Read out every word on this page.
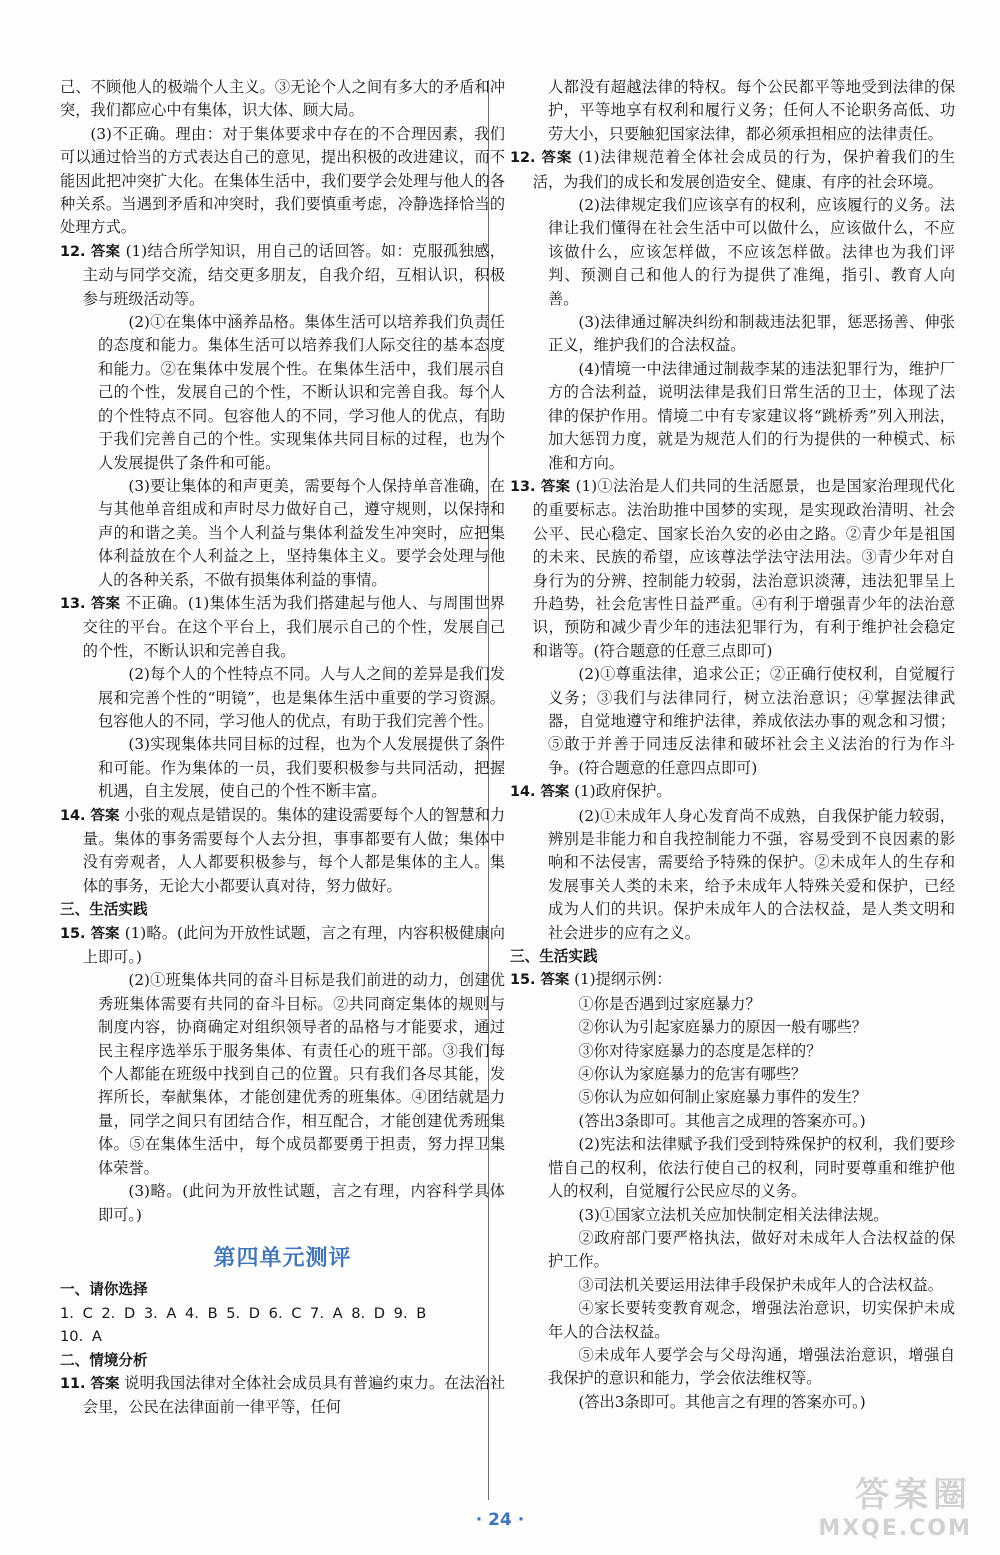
己、不顾他人的极端个人主义。③无论个人之间有多大的矛盾和冲突，我们都应心中有集体，识大体、顾大局。

(3)不正确。理由：对于集体要求中存在的不合理因素，我们可以通过恰当的方式表达自己的意见，提出积极的改进建议，而不能因此把冲突扩大化。在集体生活中，我们要学会处理与他人的各种关系。当遇到矛盾和冲突时，我们要慎重考虑，冷静选择恰当的处理方式。

12. 答案 (1)结合所学知识，用自己的话回答。如：克服孤独感，主动与同学交流，结交更多朋友，自我介绍，互相认识，积极参与班级活动等。

(2)①在集体中涵养品格。集体生活可以培养我们负责任的态度和能力。集体生活可以培养我们人际交往的基本态度和能力。②在集体中发展个性。在集体生活中，我们展示自己的个性，发展自己的个性，不断认识和完善自我。每个人的个性特点不同。包容他人的不同，学习他人的优点，有助于我们完善自己的个性。实现集体共同目标的过程，也为个人发展提供了条件和可能。

(3)要让集体的和声更美，需要每个人保持单音准确，在与其他单音组成和声时尽力做好自己，遵守规则，以保持和声的和谐之美。当个人利益与集体利益发生冲突时，应把集体利益放在个人利益之上，坚持集体主义。要学会处理与他人的各种关系，不做有损集体利益的事情。

13. 答案 不正确。(1)集体生活为我们搭建起与他人、与周围世界交往的平台。在这个平台上，我们展示自己的个性，发展自己的个性，不断认识和完善自我。

(2)每个人的个性特点不同。人与人之间的差异是我们发展和完善个性的“明镜”，也是集体生活中重要的学习资源。包容他人的不同，学习他人的优点，有助于我们完善个性。

(3)实现集体共同目标的过程，也为个人发展提供了条件和可能。作为集体的一员，我们要积极参与共同活动，把握机遇，自主发展，使自己的个性不断丰富。

14. 答案 小张的观点是错误的。集体的建设需要每个人的智慧和力量。集体的事务需要每个人去分担，事事都要有人做；集体中没有旁观者，人人都要积极参与，每个人都是集体的主人。集体的事务，无论大小都要认真对待，努力做好。

三、生活实践

15. 答案 (1)略。(此问为开放性试题，言之有理，内容积极健康向上即可。)

(2)①班集体共同的奋斗目标是我们前进的动力，创建优秀班集体需要有共同的奋斗目标。②共同商定集体的规则与制度内容，协商确定对组织领导者的品格与才能要求，通过民主程序选举乐于服务集体、有责任心的班干部。③我们每个人都能在班级中找到自己的位置。只有我们各尽其能，发挥所长，奉献集体，才能创建优秀的班集体。④团结就是力量，同学之间只有团结合作，相互配合，才能创建优秀班集体。⑤在集体生活中，每个成员都要勇于担责，努力捍卫集体荣誉。

(3)略。(此问为开放性试题，言之有理，内容科学具体即可。)

第四单元测评

一、请你选择

1. C 2. D 3. A 4. B 5. D 6. C 7. A 8. D 9. B

10. A

二、情境分析

11. 答案 说明我国法律对全体社会成员具有普遍约束力。在法治社会里，公民在法律面前一律平等，任何

人都没有超越法律的特权。每个公民都平等地受到法律的保护，平等地享有权利和履行义务；任何人不论职务高低、功劳大小，只要触犯国家法律，都必须承担相应的法律责任。

12. 答案 (1)法律规范着全体社会成员的行为，保护着我们的生活，为我们的成长和发展创造安全、健康、有序的社会环境。

(2)法律规定我们应该享有的权利，应该履行的义务。法律让我们懂得在社会生活中可以做什么，应该做什么，不应该做什么，应该怎样做，不应该怎样做。法律也为我们评判、预测自己和他人的行为提供了准绳，指引、教育人向善。

(3)法律通过解决纠纷和制裁违法犯罪，惩恶扬善、伸张正义，维护我们的合法权益。

(4)情境一中法律通过制裁李某的违法犯罪行为，维护厂方的合法利益，说明法律是我们日常生活的卫士，体现了法律的保护作用。情境二中有专家建议将“跳桥秀”列入刑法，加大惩罚力度，就是为规范人们的行为提供的一种模式、标准和方向。

13. 答案 (1)①法治是人们共同的生活愿景，也是国家治理现代化的重要标志。法治助推中国梦的实现，是实现政治清明、社会公平、民心稳定、国家长治久安的必由之路。②青少年是祖国的未来、民族的希望，应该尊法学法守法用法。③青少年对自身行为的分辨、控制能力较弱，法治意识淡薄，违法犯罪呈上升趋势，社会危害性日益严重。④有利于增强青少年的法治意识，预防和减少青少年的违法犯罪行为，有利于维护社会稳定和谐等。(符合题意的任意三点即可)

(2)①尊重法律，追求公正；②正确行使权利，自觉履行义务；③我们与法律同行，树立法治意识；④掌握法律武器，自觉地遵守和维护法律，养成依法办事的观念和习惯；⑤敢于并善于同违反法律和破坏社会主义法治的行为作斗争。(符合题意的任意四点即可)

14. 答案 (1)政府保护。

(2)①未成年人身心发育尚不成熟，自我保护能力较弱，辨别是非能力和自我控制能力不强，容易受到不良因素的影响和不法侵害，需要给予特殊的保护。②未成年人的生存和发展事关人类的未来，给予未成年人特殊关爱和保护，已经成为人们的共识。保护未成年人的合法权益，是人类文明和社会进步的应有之义。

三、生活实践

15. 答案 (1)提纲示例：

①你是否遇到过家庭暴力？

②你认为引起家庭暴力的原因一般有哪些？

③你对待家庭暴力的态度是怎样的？

④你认为家庭暴力的危害有哪些？

⑤你认为应如何制止家庭暴力事件的发生？

(答出3条即可。其他言之成理的答案亦可。)

(2)宪法和法律赋予我们受到特殊保护的权利，我们要珍惜自己的权利，依法行使自己的权利，同时要尊重和维护他人的权利，自觉履行公民应尽的义务。

(3)①国家立法机关应加快制定相关法律法规。

②政府部门要严格执法，做好对未成年人合法权益的保护工作。

③司法机关要运用法律手段保护未成年人的合法权益。

④家长要转变教育观念，增强法治意识，切实保护未成年人的合法权益。

⑤未成年人要学会与父母沟通，增强法治意识，增强自我保护的意识和能力，学会依法维权等。

(答出3条即可。其他言之有理的答案亦可。)

· 24 ·
答案圈
MXQE.COM
